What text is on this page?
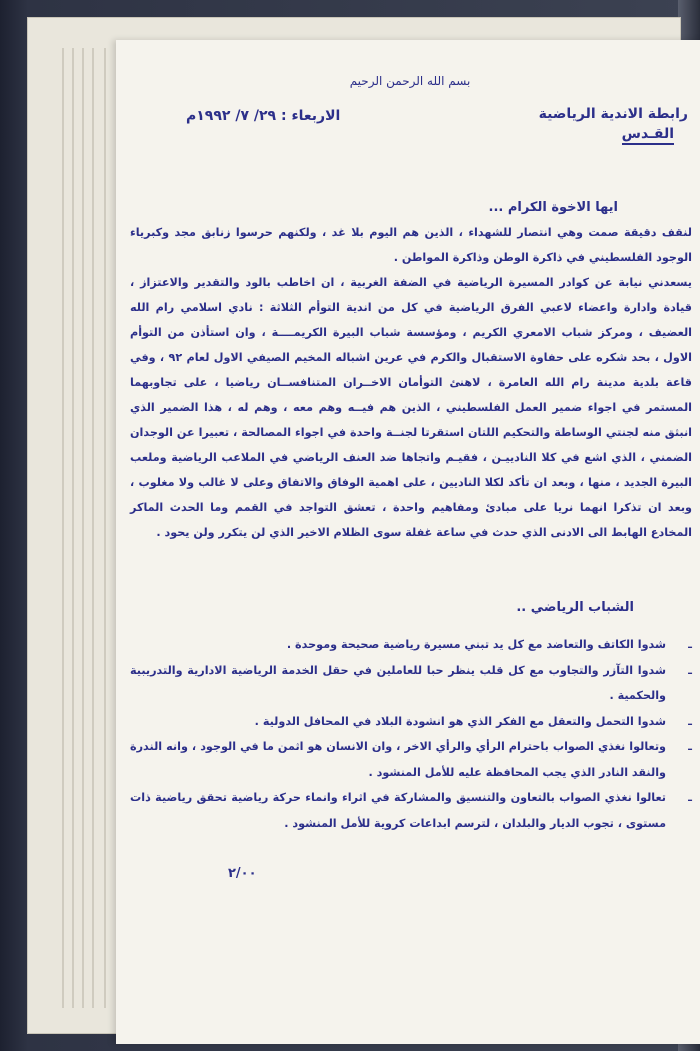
بسم الله الرحمن الرحيم
رابطة الاندية الرياضية
القـدس
الاربعاء : ٢٩/ ٧/ ١٩٩٢م
ايها الاخوة الكرام ...
لنقف دقيقة صمت وهي انتصار للشهداء ، الذين هم اليوم بلا غد ، ولكنهم حرسوا زنابق مجد وكبرياء الوجود الفلسطيني في ذاكرة الوطن وذاكرة المواطن .
يسعدني نيابة عن كوادر المسيرة الرياضية في الضفة الغربية ، ان اخاطب بالود والتقدير والاعتزاز ، قيادة وادارة واعضاء لاعبي الفرق الرياضية في كل من اندية التوأم الثلاثة : نادي اسلامي رام الله العضيف ، ومركز شباب الامعري الكريم ، ومؤسسة شباب البيرة الكريمــــة ، وان استأذن من التوأم الاول ، بحد شكره على حفاوة الاستقبال والكرم في عرين اشباله المخيم الصيفي الاول لعام ٩٢ ، وفي قاعة بلدية مدينة رام الله العامرة ، لاهنئ التوأمان الاخــران المتنافســان رياضيا ، على تجاوبهما المستمر في اجواء ضمير العمل الفلسطيني ، الذين هم فيــه وهم معه ، وهم له ، هذا الضمير الذي انبثق منه لجنتي الوساطة والتحكيم اللتان استقرتا لجنــة واحدة في اجواء المصالحة ، تعبيرا عن الوجدان الضمني ، الذي اشع في كلا النادييـن ، فقيـم واتجاها ضد العنف الرياضي في الملاعب الرياضية وملعب البيرة الجديد ، منها ، وبعد ان تأكد لكلا الناديين ، على اهمية الوفاق والاتفاق وعلى لا غالب ولا مغلوب ، وبعد ان تذكرا انهما نريا على مبادئ ومفاهيم واحدة ، تعشق التواجد في القمم وما الحدث الماكر المخادع الهابط الى الادنى الذي حدث في ساعة غفلة سوى الظلام الاخير الذي لن يتكرر ولن يحود .
الشباب الرياضي ..
ـ
شدوا الكاتف والتعاضد مع كل يد تبني مسيرة رياضية صحيحة وموحدة .
ـ
شدوا التآزر والتجاوب مع كل قلب ينظر حبا للعاملين في حقل الخدمة الرياضية الادارية والتدريبية والحكمية .
ـ
شدوا التحمل والتعقل مع الفكر الذي هو انشودة البلاد في المحافل الدولية .
ـ
وتعالوا نغذي الصواب باحترام الرأي والرأي الاخر ، وان الانسان هو اثمن ما في الوجود ، وانه الندرة والنقد النادر الذي يجب المحافظة عليه للأمل المنشود .
ـ
تعالوا نغذي الصواب بالتعاون والتنسيق والمشاركة في اثراء وانماء حركة رياضية تحقق رياضية ذات مستوى ، تجوب الديار والبلدان ، لترسم ابداعات كروية للأمل المنشود .
٢/٠٠
